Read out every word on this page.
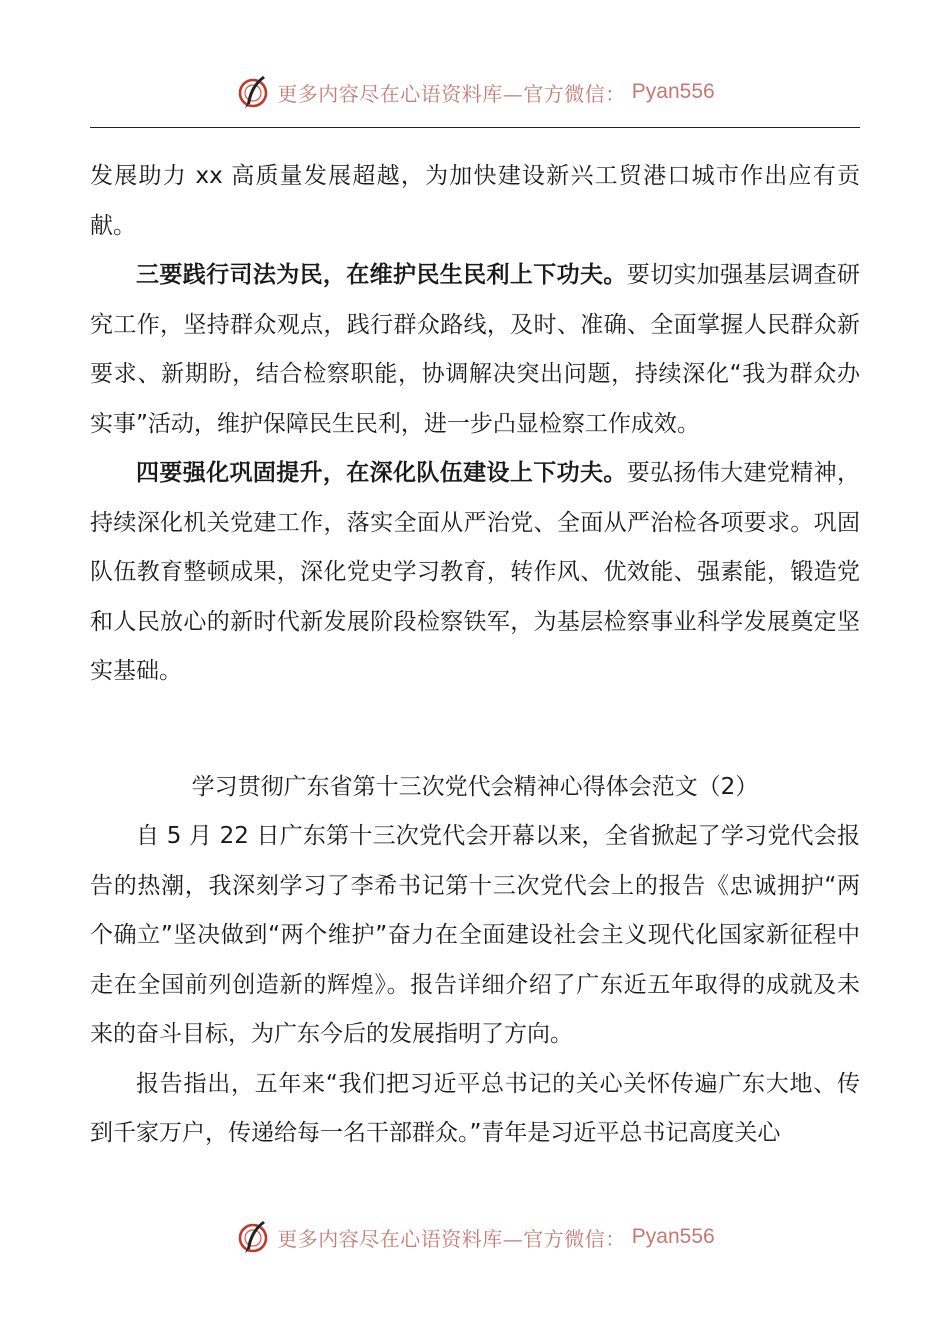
更多内容尽在心语资料库—官方微信： Pyan556

发展助力 xx 高质量发展超越，为加快建设新兴工贸港口城市作出应有贡献。

三要践行司法为民，在维护民生民利上下功夫。要切实加强基层调查研究工作，坚持群众观点，践行群众路线，及时、准确、全面掌握人民群众新要求、新期盼，结合检察职能，协调解决突出问题，持续深化“我为群众办实事”活动，维护保障民生民利，进一步凸显检察工作成效。

四要强化巩固提升，在深化队伍建设上下功夫。要弘扬伟大建党精神，持续深化机关党建工作，落实全面从严治党、全面从严治检各项要求。巩固队伍教育整顿成果，深化党史学习教育，转作风、优效能、强素能，锻造党和人民放心的新时代新发展阶段检察铁军，为基层检察事业科学发展奠定坚实基础。

学习贯彻广东省第十三次党代会精神心得体会范文（2）

自 5 月 22 日广东第十三次党代会开幕以来，全省掀起了学习党代会报告的热潮，我深刻学习了李希书记第十三次党代会上的报告《忠诚拥护“两个确立”坚决做到“两个维护”奋力在全面建设社会主义现代化国家新征程中走在全国前列创造新的辉煌》。报告详细介绍了广东近五年取得的成就及未来的奋斗目标，为广东今后的发展指明了方向。

报告指出，五年来“我们把习近平总书记的关心关怀传遍广东大地、传到千家万户，传递给每一名干部群众。”青年是习近平总书记高度关心

更多内容尽在心语资料库—官方微信： Pyan556
